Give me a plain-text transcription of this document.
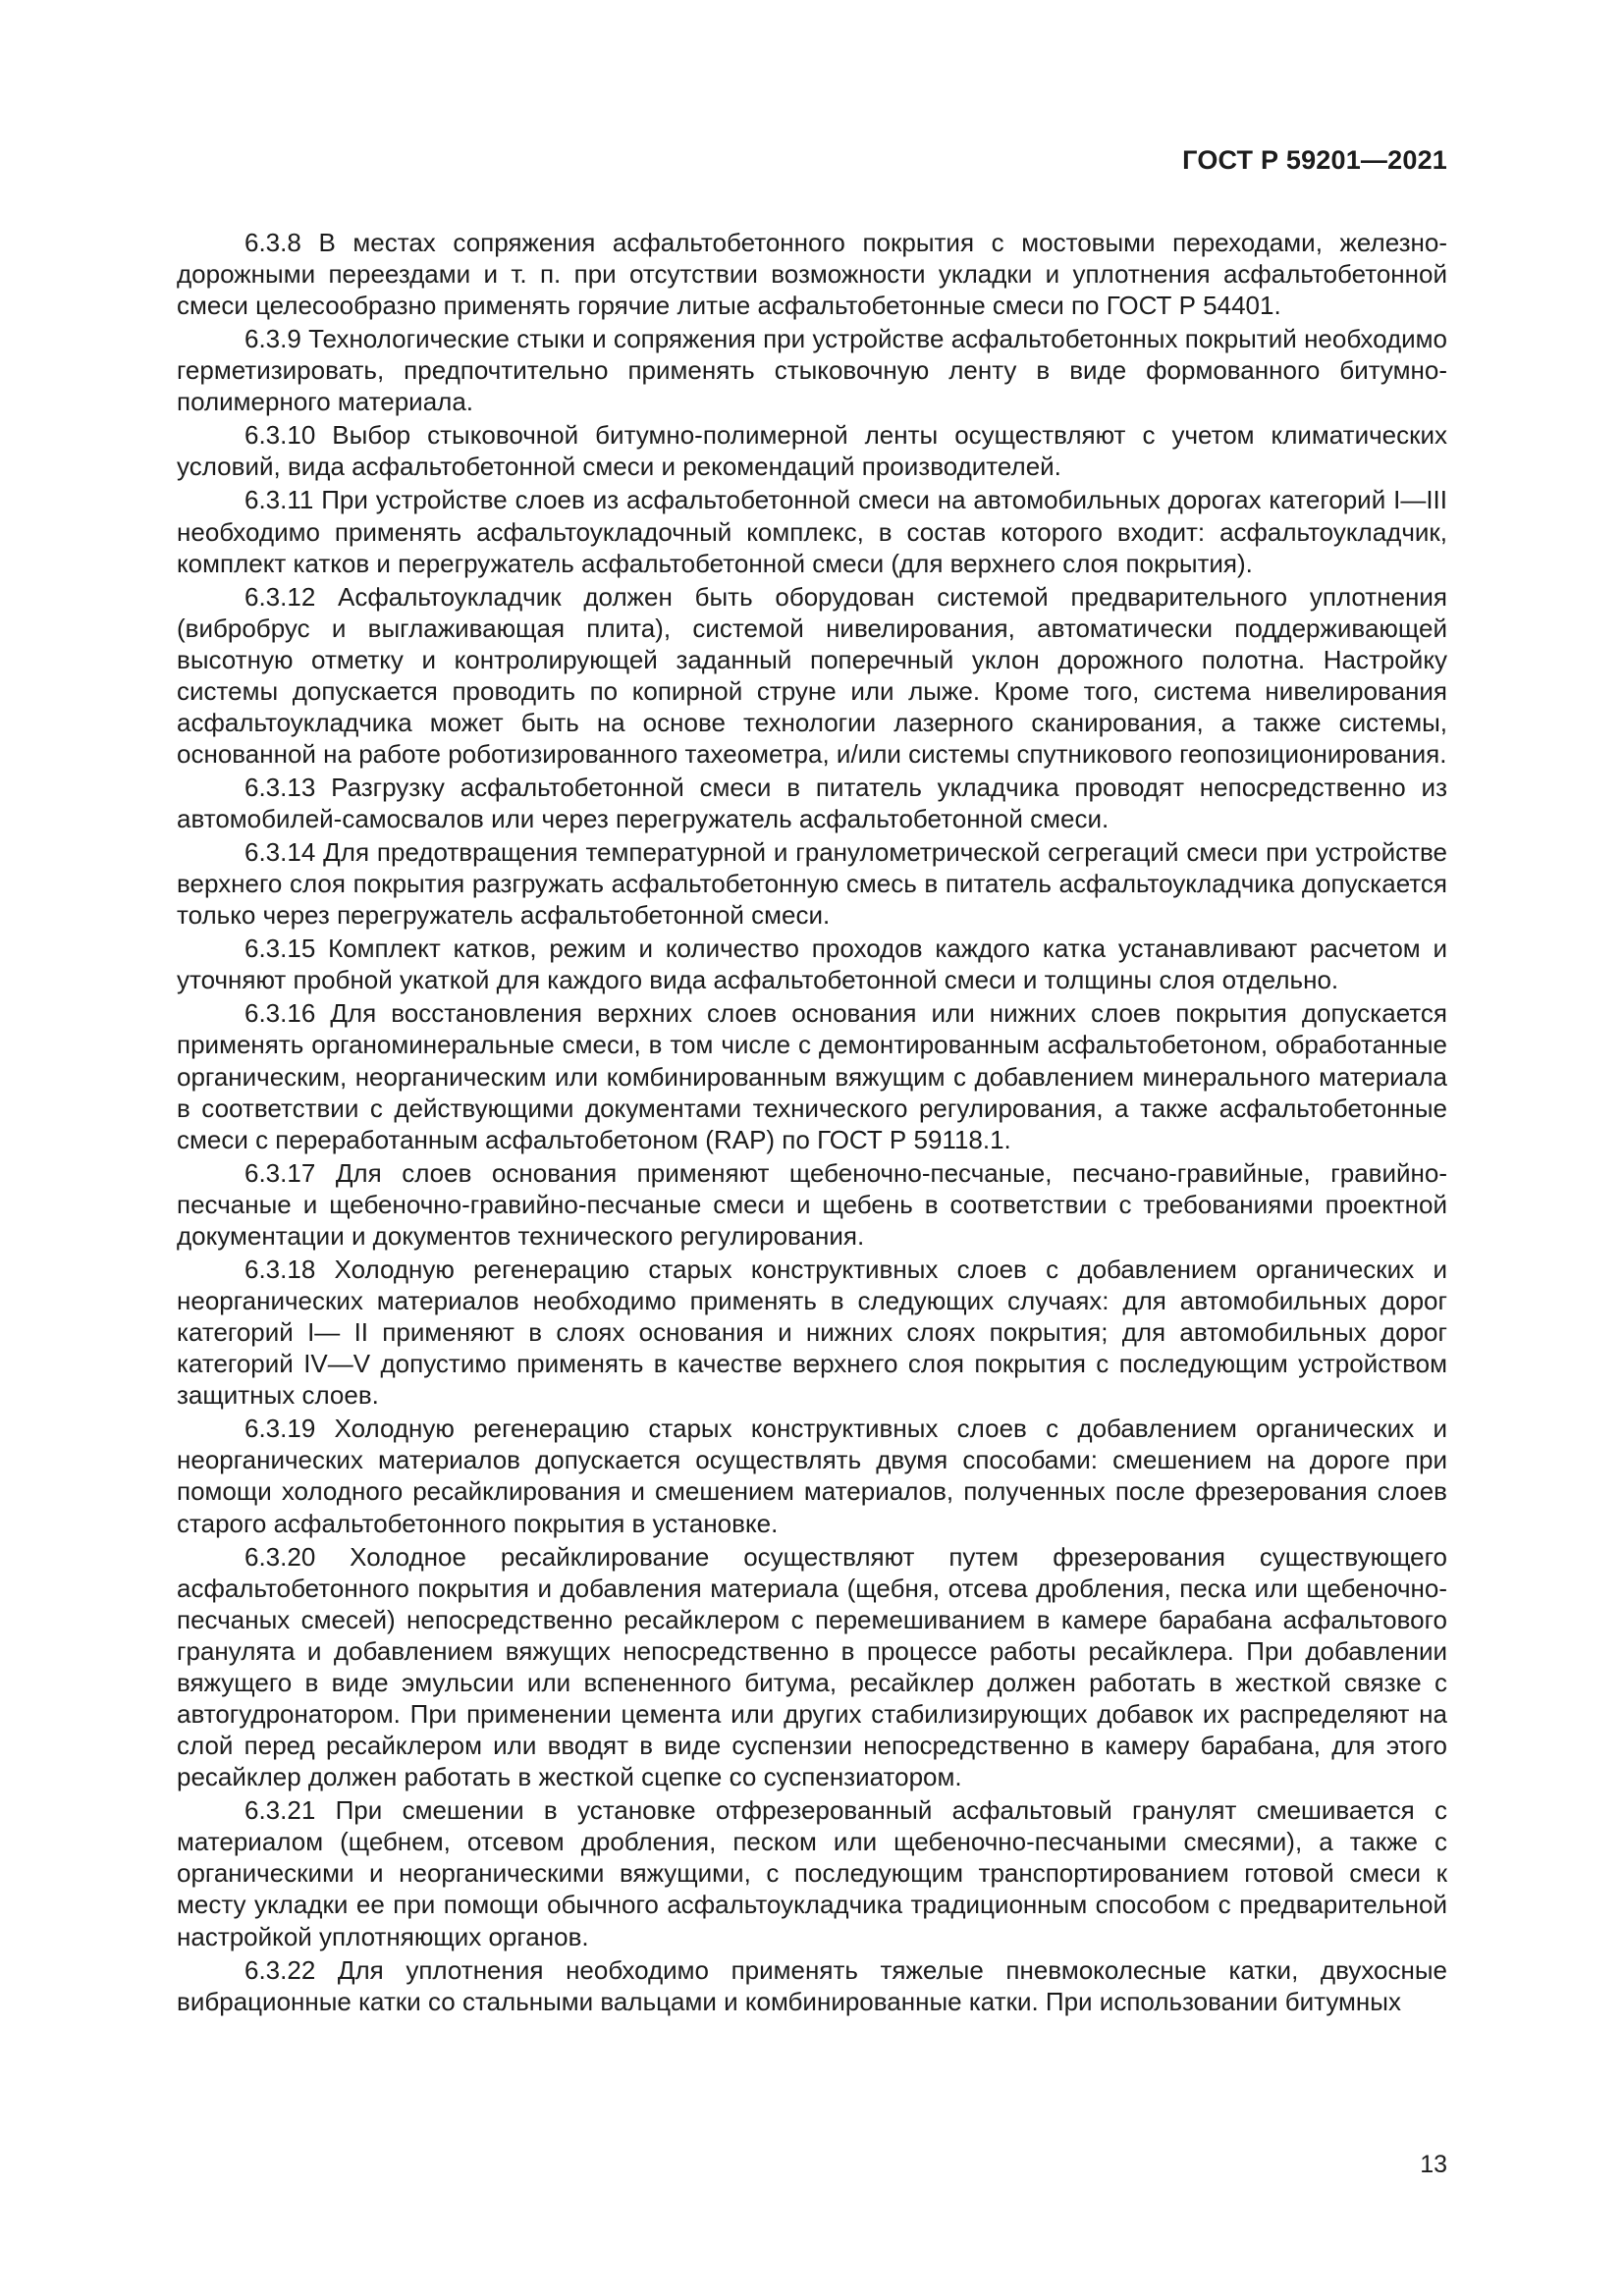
ГОСТ Р 59201—2021

6.3.8 В местах сопряжения асфальтобетонного покрытия с мостовыми переходами, железнодорожными переездами и т. п. при отсутствии возможности укладки и уплотнения асфальтобетонной смеси целесообразно применять горячие литые асфальтобетонные смеси по ГОСТ Р 54401.

6.3.9 Технологические стыки и сопряжения при устройстве асфальтобетонных покрытий необходимо герметизировать, предпочтительно применять стыковочную ленту в виде формованного битумнополимерного материала.

6.3.10 Выбор стыковочной битумно-полимерной ленты осуществляют с учетом климатических условий, вида асфальтобетонной смеси и рекомендаций производителей.

6.3.11 При устройстве слоев из асфальтобетонной смеси на автомобильных дорогах категорий I—III необходимо применять асфальтоукладочный комплекс, в состав которого входит: асфальтоукладчик, комплект катков и перегружатель асфальтобетонной смеси (для верхнего слоя покрытия).

6.3.12 Асфальтоукладчик должен быть оборудован системой предварительного уплотнения (вибробрус и выглаживающая плита), системой нивелирования, автоматически поддерживающей высотную отметку и контролирующей заданный поперечный уклон дорожного полотна. Настройку системы допускается проводить по копирной струне или лыже. Кроме того, система нивелирования асфальтоукладчика может быть на основе технологии лазерного сканирования, а также системы, основанной на работе роботизированного тахеометра, и/или системы спутникового геопозиционирования.

6.3.13 Разгрузку асфальтобетонной смеси в питатель укладчика проводят непосредственно из автомобилей-самосвалов или через перегружатель асфальтобетонной смеси.

6.3.14 Для предотвращения температурной и гранулометрической сегрегаций смеси при устройстве верхнего слоя покрытия разгружать асфальтобетонную смесь в питатель асфальтоукладчика допускается только через перегружатель асфальтобетонной смеси.

6.3.15 Комплект катков, режим и количество проходов каждого катка устанавливают расчетом и уточняют пробной укаткой для каждого вида асфальтобетонной смеси и толщины слоя отдельно.

6.3.16 Для восстановления верхних слоев основания или нижних слоев покрытия допускается применять органоминеральные смеси, в том числе с демонтированным асфальтобетоном, обработанные органическим, неорганическим или комбинированным вяжущим с добавлением минерального материала в соответствии с действующими документами технического регулирования, а также асфальтобетонные смеси с переработанным асфальтобетоном (RAP) по ГОСТ Р 59118.1.

6.3.17 Для слоев основания применяют щебеночно-песчаные, песчано-гравийные, гравийно-песчаные и щебеночно-гравийно-песчаные смеси и щебень в соответствии с требованиями проектной документации и документов технического регулирования.

6.3.18 Холодную регенерацию старых конструктивных слоев с добавлением органических и неорганических материалов необходимо применять в следующих случаях: для автомобильных дорог категорий I— II применяют в слоях основания и нижних слоях покрытия; для автомобильных дорог категорий IV—V допустимо применять в качестве верхнего слоя покрытия с последующим устройством защитных слоев.

6.3.19 Холодную регенерацию старых конструктивных слоев с добавлением органических и неорганических материалов допускается осуществлять двумя способами: смешением на дороге при помощи холодного ресайклирования и смешением материалов, полученных после фрезерования слоев старого асфальтобетонного покрытия в установке.

6.3.20 Холодное ресайклирование осуществляют путем фрезерования существующего асфальтобетонного покрытия и добавления материала (щебня, отсева дробления, песка или щебеночно-песчаных смесей) непосредственно ресайклером с перемешиванием в камере барабана асфальтового гранулята и добавлением вяжущих непосредственно в процессе работы ресайклера. При добавлении вяжущего в виде эмульсии или вспененного битума, ресайклер должен работать в жесткой связке с автогудронатором. При применении цемента или других стабилизирующих добавок их распределяют на слой перед ресайклером или вводят в виде суспензии непосредственно в камеру барабана, для этого ресайклер должен работать в жесткой сцепке со суспензиатором.

6.3.21 При смешении в установке отфрезерованный асфальтовый гранулят смешивается с материалом (щебнем, отсевом дробления, песком или щебеночно-песчаными смесями), а также с органическими и неорганическими вяжущими, с последующим транспортированием готовой смеси к месту укладки ее при помощи обычного асфальтоукладчика традиционным способом с предварительной настройкой уплотняющих органов.

6.3.22 Для уплотнения необходимо применять тяжелые пневмоколесные катки, двухосные вибрационные катки со стальными вальцами и комбинированные катки. При использовании битумных

13
